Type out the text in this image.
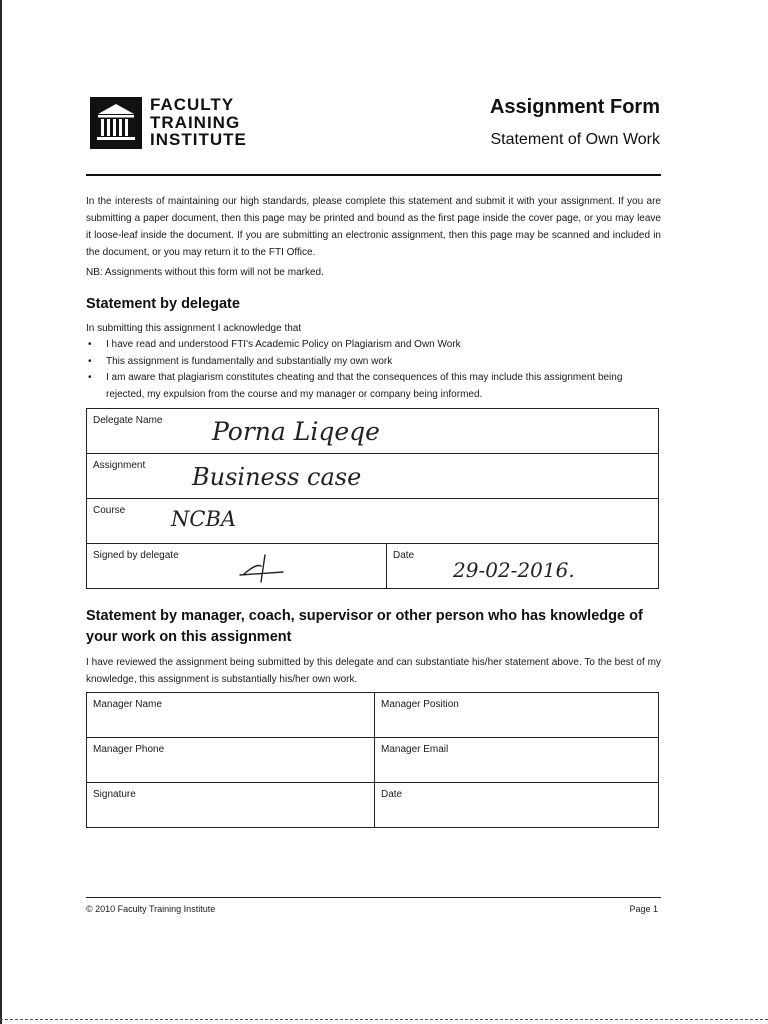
FACULTY
TRAINING
INSTITUTE
Assignment Form
Statement of Own Work
In the interests of maintaining our high standards, please complete this statement and submit it with your assignment. If you are submitting a paper document, then this page may be printed and bound as the first page inside the cover page, or you may leave it loose-leaf inside the document. If you are submitting an electronic assignment, then this page may be scanned and included in the document, or you may return it to the FTI Office.
NB: Assignments without this form will not be marked.
Statement by delegate
In submitting this assignment I acknowledge that
• I have read and understood FTI's Academic Policy on Plagiarism and Own Work
• This assignment is fundamentally and substantially my own work
• I am aware that plagiarism constitutes cheating and that the consequences of this may include this assignment being rejected, my expulsion from the course and my manager or company being informed.
Delegate Name Porna Liqeqe

Assignment Business case

Course NCBA

Signed by delegate	Date
29-02-2016.
Statement by manager, coach, supervisor or other person who has knowledge of your work on this assignment
I have reviewed the assignment being submitted by this delegate and can substantiate his/her statement above. To the best of my knowledge, this assignment is substantially his/her own work.
Manager Name	Manager Position

Manager Phone	Manager Email

Signature	Date
© 2010 Faculty Training Institute	Page 1
